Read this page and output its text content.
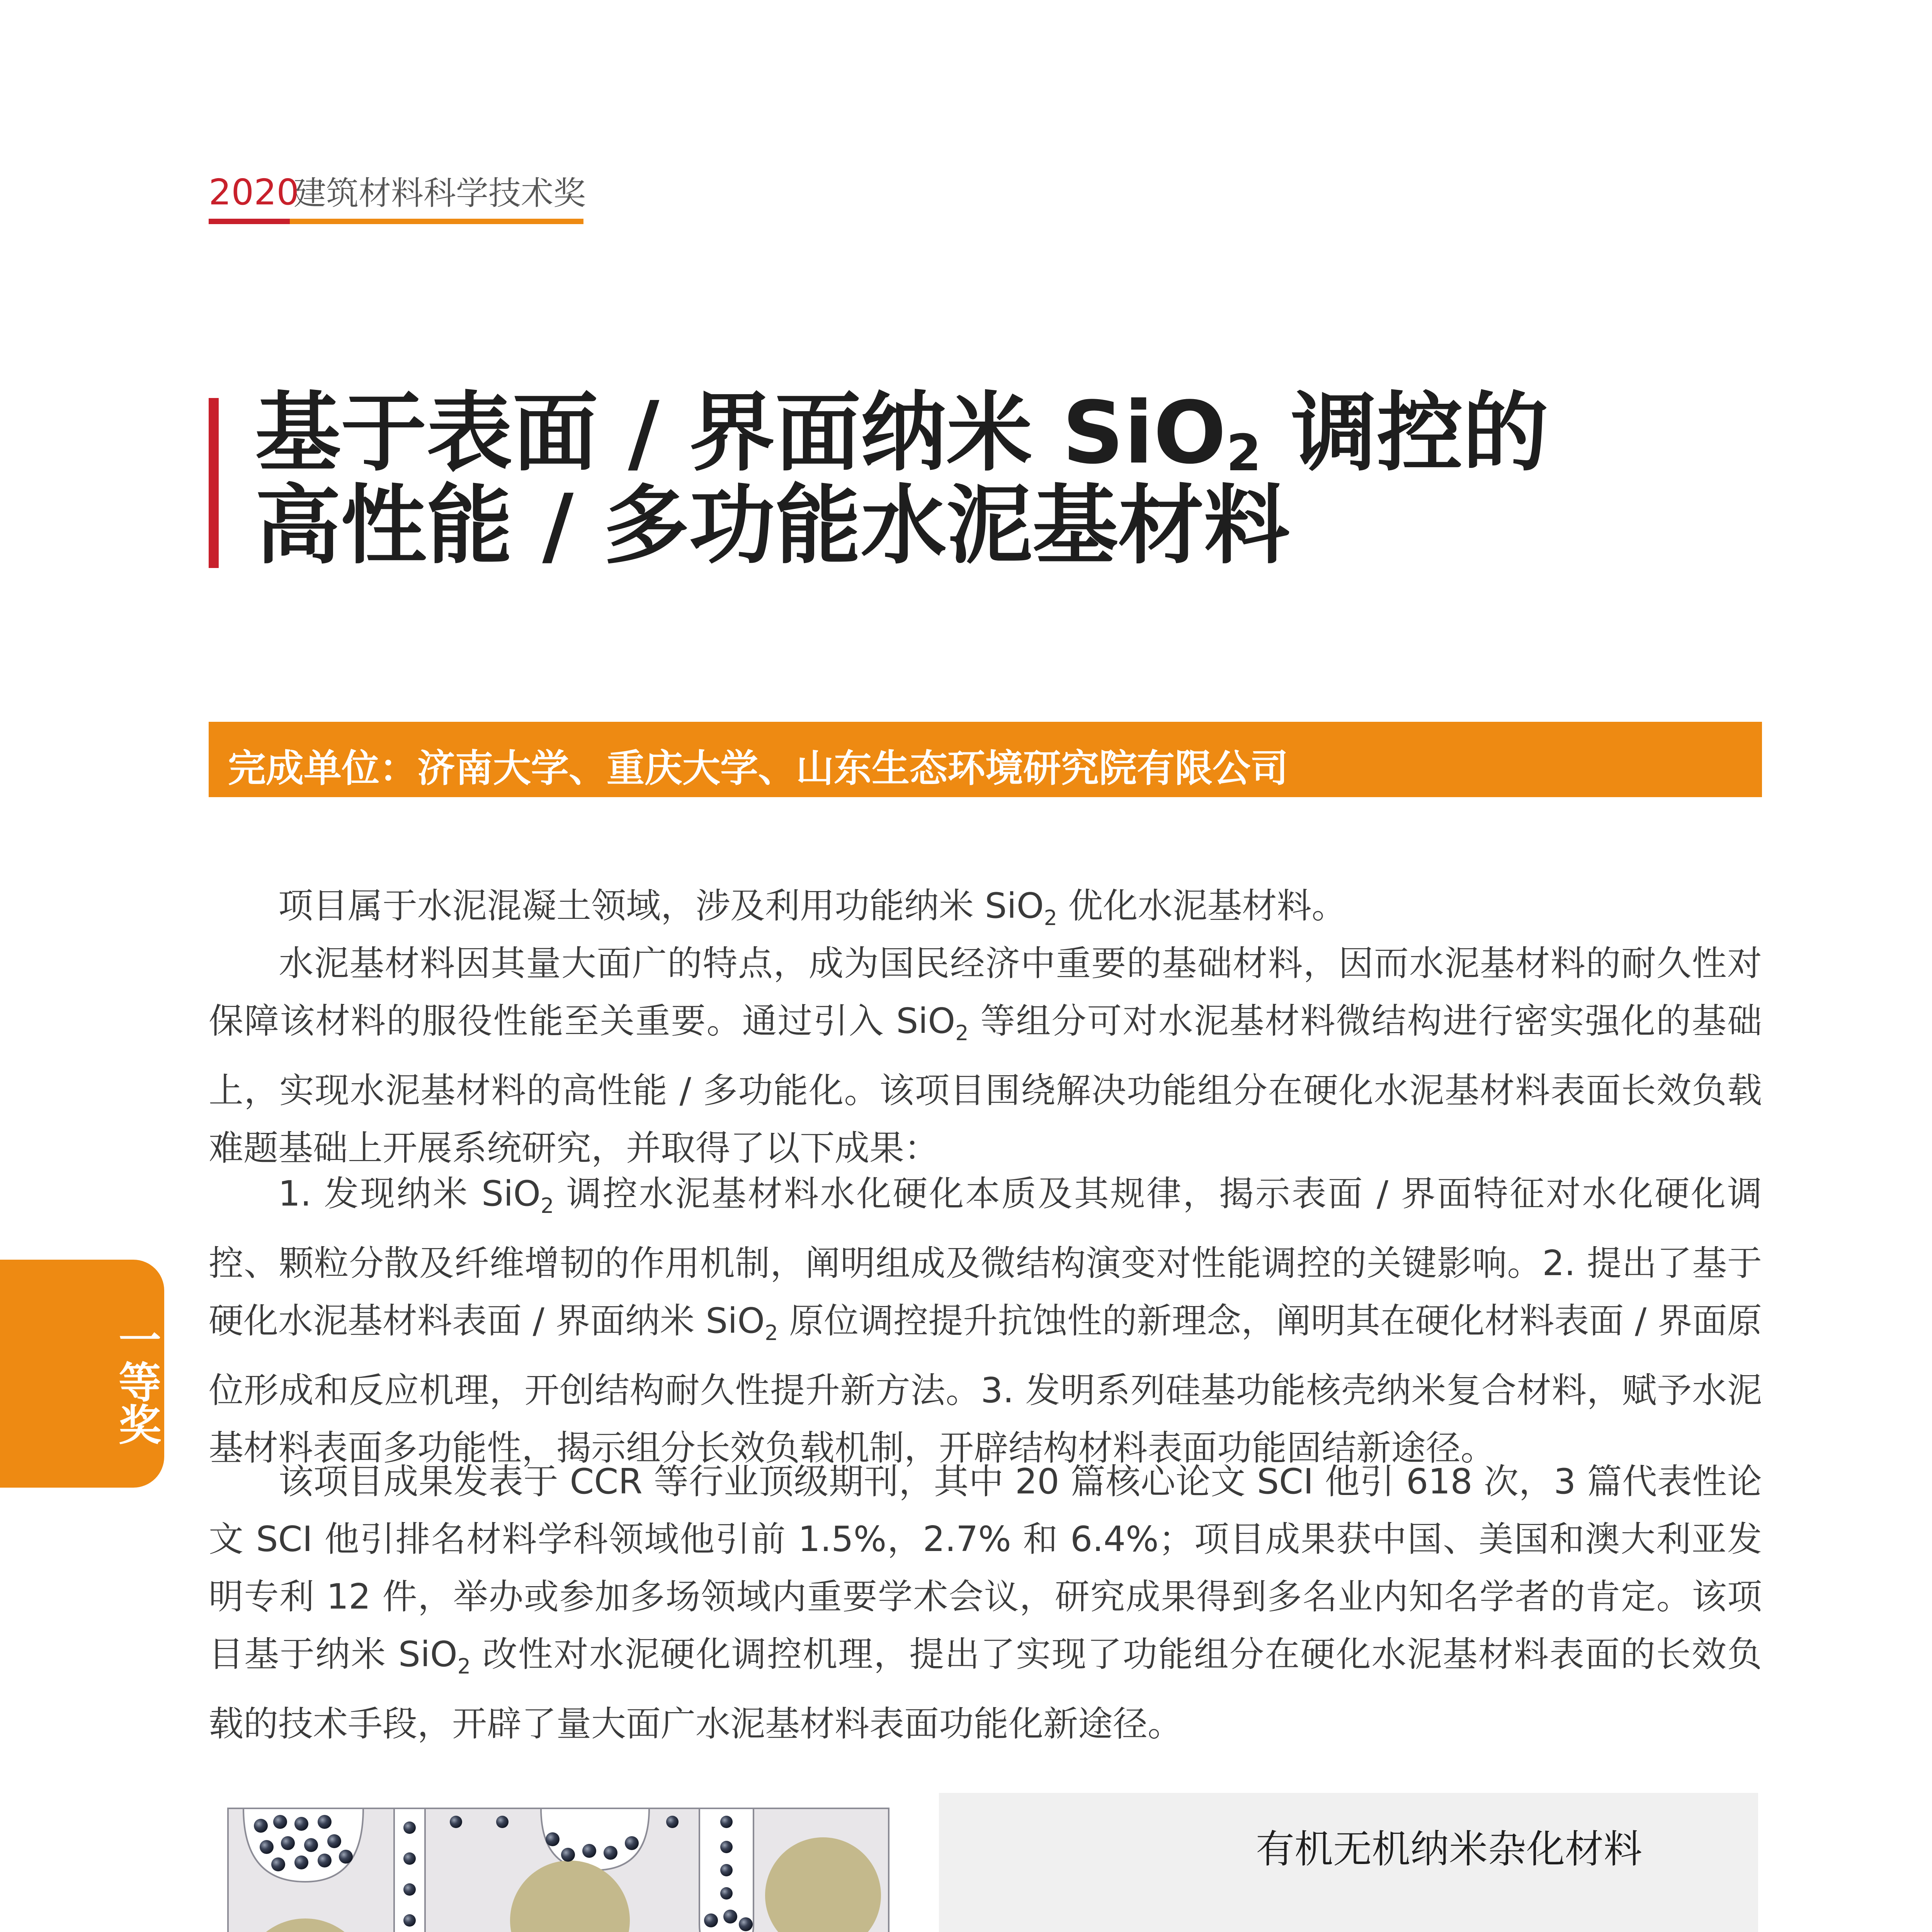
2020
建筑材料科学技术奖
基于表面 / 界面纳米 SiO$_2$ 调控的
高性能 / 多功能水泥基材料
完成单位：济南大学、重庆大学、山东生态环境研究院有限公司
项目属于水泥混凝土领域，涉及利用功能纳米 SiO$_2$ 优化水泥基材料。
水泥基材料因其量大面广的特点，成为国民经济中重要的基础材料，因而水泥基材料的耐久性对保障该材料的服役性能至关重要。通过引入 SiO$_2$ 等组分可对水泥基材料微结构进行密实强化的基础上，实现水泥基材料的高性能 / 多功能化。该项目围绕解决功能组分在硬化水泥基材料表面长效负载难题基础上开展系统研究，并取得了以下成果：
1. 发现纳米 SiO$_2$ 调控水泥基材料水化硬化本质及其规律，揭示表面 / 界面特征对水化硬化调控、颗粒分散及纤维增韧的作用机制，阐明组成及微结构演变对性能调控的关键影响。2. 提出了基于硬化水泥基材料表面 / 界面纳米 SiO$_2$ 原位调控提升抗蚀性的新理念，阐明其在硬化材料表面 / 界面原位形成和反应机理，开创结构耐久性提升新方法。3. 发明系列硅基功能核壳纳米复合材料，赋予水泥基材料表面多功能性，揭示组分长效负载机制，开辟结构材料表面功能固结新途径。
该项目成果发表于 CCR 等行业顶级期刊，其中 20 篇核心论文 SCI 他引 618 次，3 篇代表性论文 SCI 他引排名材料学科领域他引前 1.5%，2.7% 和 6.4%；项目成果获中国、美国和澳大利亚发明专利 12 件，举办或参加多场领域内重要学术会议，研究成果得到多名业内知名学者的肯定。该项目基于纳米 SiO$_2$ 改性对水泥硬化调控机理，提出了实现了功能组分在硬化水泥基材料表面的长效负载的技术手段，开辟了量大面广水泥基材料表面功能化新途径。
一等奖
有机无机纳米杂化材料
